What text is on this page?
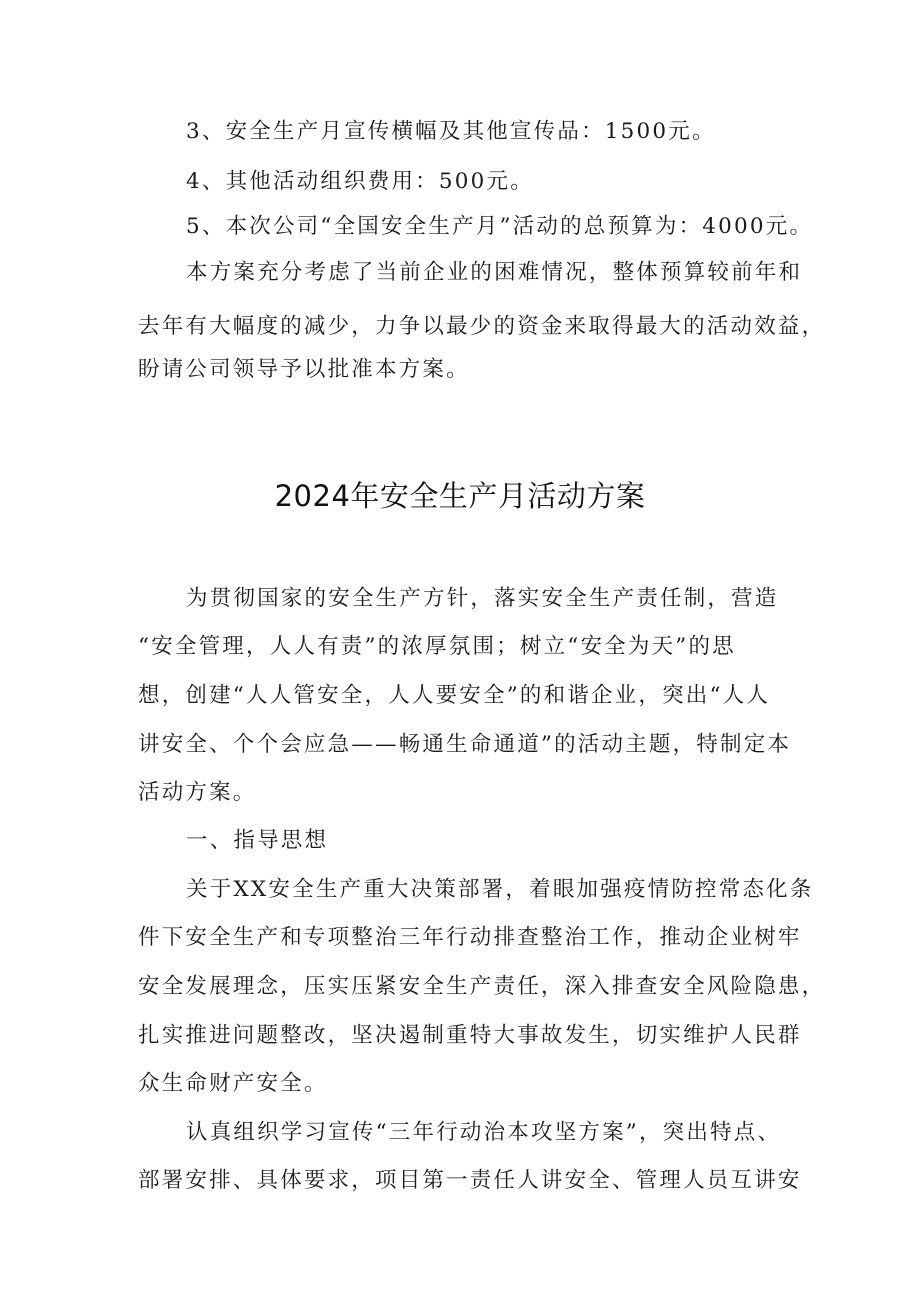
3、安全生产月宣传横幅及其他宣传品：1500元。
4、其他活动组织费用：500元。
5、本次公司“全国安全生产月”活动的总预算为：4000元。
本方案充分考虑了当前企业的困难情况，整体预算较前年和
去年有大幅度的减少，力争以最少的资金来取得最大的活动效益，
盼请公司领导予以批准本方案。
2024年安全生产月活动方案
为贯彻国家的安全生产方针，落实安全生产责任制，营造
“安全管理，人人有责”的浓厚氛围；树立“安全为天”的思
想，创建“人人管安全，人人要安全”的和谐企业，突出“人人
讲安全、个个会应急——畅通生命通道”的活动主题，特制定本
活动方案。
一、指导思想
关于XX安全生产重大决策部署，着眼加强疫情防控常态化条
件下安全生产和专项整治三年行动排查整治工作，推动企业树牢
安全发展理念，压实压紧安全生产责任，深入排查安全风险隐患，
扎实推进问题整改，坚决遏制重特大事故发生，切实维护人民群
众生命财产安全。
认真组织学习宣传“三年行动治本攻坚方案”，突出特点、
部署安排、具体要求，项目第一责任人讲安全、管理人员互讲安
